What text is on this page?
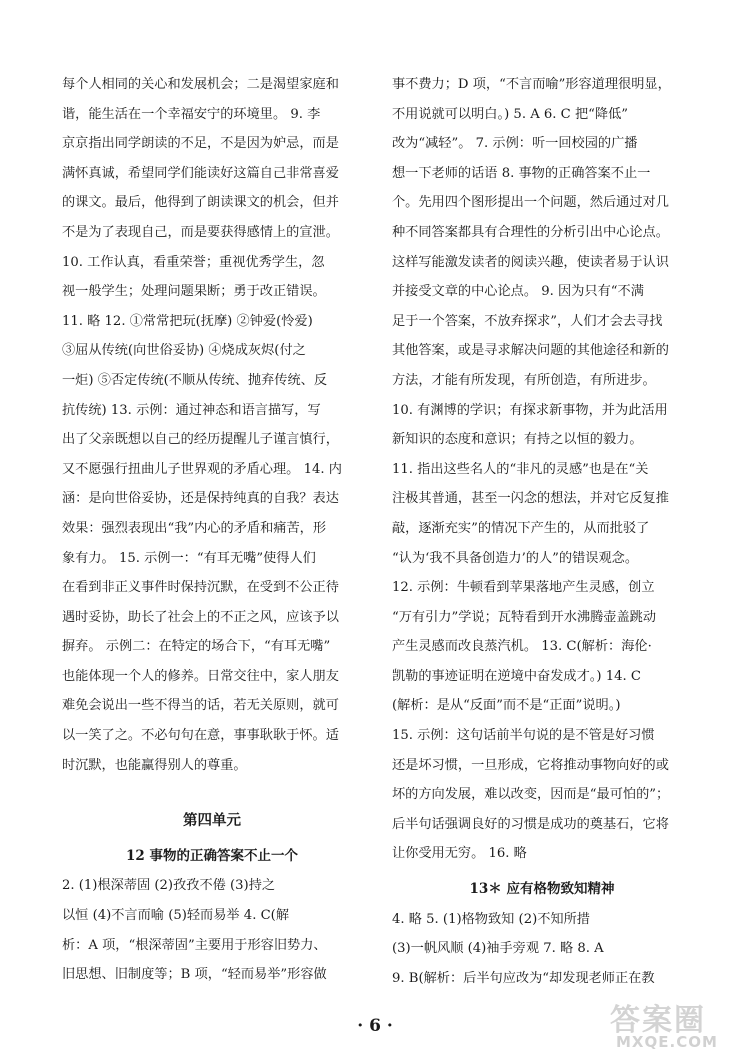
每个人相同的关心和发展机会；二是渴望家庭和
谐，能生活在一个幸福安宁的环境里。 9. 李
京京指出同学朗读的不足，不是因为妒忌，而是
满怀真诚，希望同学们能读好这篇自己非常喜爱
的课文。最后，他得到了朗读课文的机会，但并
不是为了表现自己，而是要获得感情上的宣泄。
10. 工作认真，看重荣誉；重视优秀学生，忽
视一般学生；处理问题果断；勇于改正错误。
11. 略 12. ①常常把玩(抚摩) ②钟爱(怜爱)
③屈从传统(向世俗妥协) ④烧成灰烬(付之
一炬) ⑤否定传统(不顺从传统、抛弃传统、反
抗传统) 13. 示例：通过神态和语言描写，写
出了父亲既想以自己的经历提醒儿子谨言慎行，
又不愿强行扭曲儿子世界观的矛盾心理。 14. 内
涵：是向世俗妥协，还是保持纯真的自我？表达
效果：强烈表现出“我”内心的矛盾和痛苦，形
象有力。 15. 示例一：“有耳无嘴”使得人们
在看到非正义事件时保持沉默，在受到不公正待
遇时妥协，助长了社会上的不正之风，应该予以
摒弃。 示例二：在特定的场合下，“有耳无嘴”
也能体现一个人的修养。日常交往中，家人朋友
难免会说出一些不得当的话，若无关原则，就可
以一笑了之。不必句句在意，事事耿耿于怀。适
时沉默，也能赢得别人的尊重。
第四单元
12 事物的正确答案不止一个
2. (1)根深蒂固 (2)孜孜不倦 (3)持之
以恒 (4)不言而喻 (5)轻而易举 4. C(解
析：A 项，“根深蒂固”主要用于形容旧势力、
旧思想、旧制度等；B 项，“轻而易举”形容做
事不费力；D 项，“不言而喻”形容道理很明显，
不用说就可以明白。) 5. A 6. C 把“降低”
改为“减轻”。 7. 示例：听一回校园的广播
想一下老师的话语 8. 事物的正确答案不止一
个。先用四个图形提出一个问题，然后通过对几
种不同答案都具有合理性的分析引出中心论点。
这样写能激发读者的阅读兴趣，使读者易于认识
并接受文章的中心论点。 9. 因为只有“不满
足于一个答案，不放弃探求”，人们才会去寻找
其他答案，或是寻求解决问题的其他途径和新的
方法，才能有所发现，有所创造，有所进步。
10. 有渊博的学识；有探求新事物，并为此活用
新知识的态度和意识；有持之以恒的毅力。
11. 指出这些名人的“非凡的灵感”也是在“关
注极其普通，甚至一闪念的想法，并对它反复推
敲，逐渐充实”的情况下产生的，从而批驳了
“认为‘我不具备创造力’的人”的错误观念。
12. 示例：牛顿看到苹果落地产生灵感，创立
“万有引力”学说；瓦特看到开水沸腾壶盖跳动
产生灵感而改良蒸汽机。 13. C(解析：海伦·
凯勒的事迹证明在逆境中奋发成才。) 14. C
(解析：是从“反面”而不是“正面”说明。)
15. 示例：这句话前半句说的是不管是好习惯
还是坏习惯，一旦形成，它将推动事物向好的或
坏的方向发展，难以改变，因而是“最可怕的”；
后半句话强调良好的习惯是成功的奠基石，它将
让你受用无穷。 16. 略
13＊ 应有格物致知精神
4. 略 5. (1)格物致知 (2)不知所措
(3)一帆风顺 (4)袖手旁观 7. 略 8. A
9. B(解析：后半句应改为“却发现老师正在教
· 6 ·	答案圈
MXQE.COM
